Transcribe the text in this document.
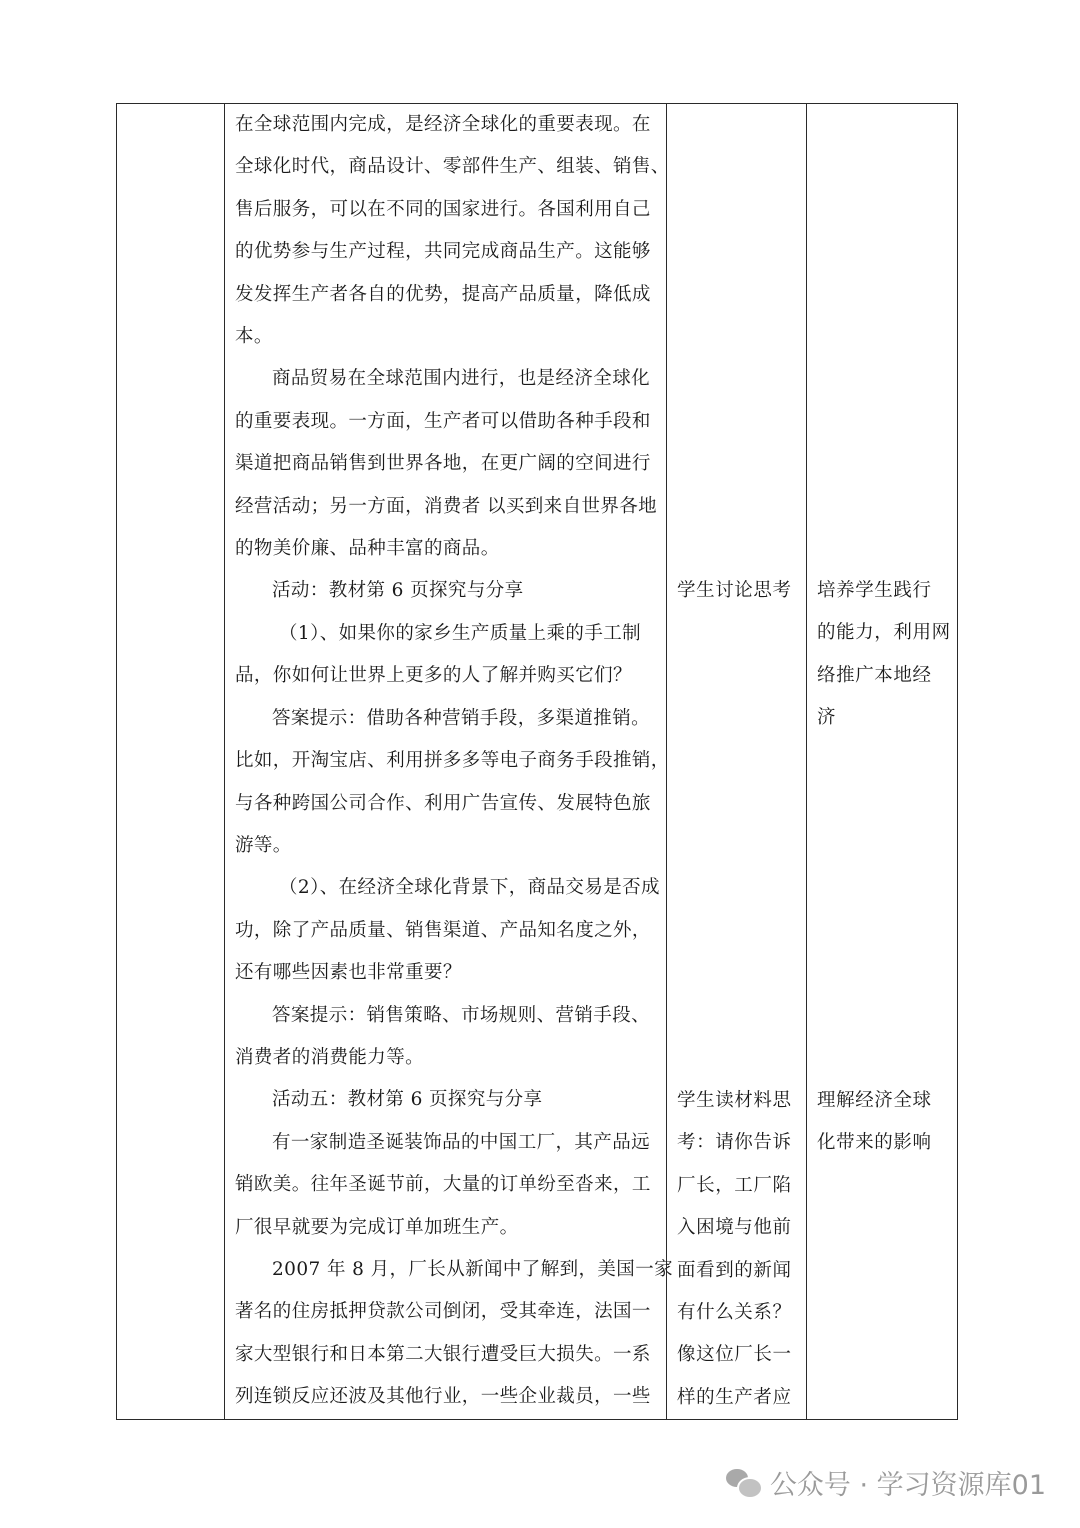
在全球范围内完成，是经济全球化的重要表现。在

全球化时代，商品设计、零部件生产、组装、销售、

售后服务，可以在不同的国家进行。各国利用自己

的优势参与生产过程，共同完成商品生产。这能够

发发挥生产者各自的优势，提高产品质量，降低成

本。

商品贸易在全球范围内进行，也是经济全球化

的重要表现。一方面，生产者可以借助各种手段和

渠道把商品销售到世界各地，在更广阔的空间进行

经营活动；另一方面，消费者 以买到来自世界各地

的物美价廉、品种丰富的商品。

活动：教材第 6 页探究与分享

（1）、如果你的家乡生产质量上乘的手工制

品，你如何让世界上更多的人了解并购买它们？

答案提示：借助各种营销手段，多渠道推销。

比如，开淘宝店、利用拼多多等电子商务手段推销，

与各种跨国公司合作、利用广告宣传、发展特色旅

游等。

（2）、在经济全球化背景下，商品交易是否成

功，除了产品质量、销售渠道、产品知名度之外，

还有哪些因素也非常重要？

答案提示：销售策略、市场规则、营销手段、

消费者的消费能力等。

活动五：教材第 6 页探究与分享

有一家制造圣诞装饰品的中国工厂，其产品远

销欧美。往年圣诞节前，大量的订单纷至沓来，工

厂很早就要为完成订单加班生产。

2007 年 8 月，厂长从新闻中了解到，美国一家

著名的住房抵押贷款公司倒闭，受其牵连，法国一

家大型银行和日本第二大银行遭受巨大损失。一系

列连锁反应还波及其他行业，一些企业裁员，一些

学生讨论思考

学生读材料思

考：请你告诉

厂长，工厂陷

入困境与他前

面看到的新闻

有什么关系？

像这位厂长一

样的生产者应

培养学生践行

的能力，利用网

络推广本地经

济

理解经济全球

化带来的影响

公众号 · 学习资源库01
